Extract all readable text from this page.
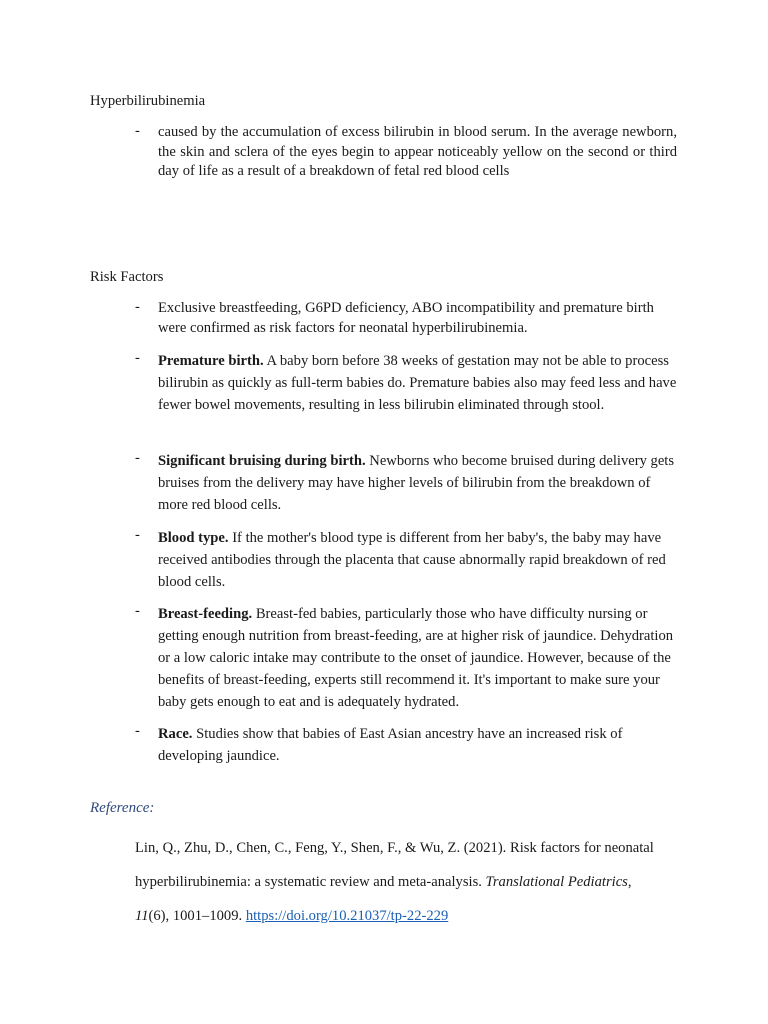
Hyperbilirubinemia

- caused by the accumulation of excess bilirubin in blood serum. In the average newborn, the skin and sclera of the eyes begin to appear noticeably yellow on the second or third day of life as a result of a breakdown of fetal red blood cells

Risk Factors

- Exclusive breastfeeding, G6PD deficiency, ABO incompatibility and premature birth were confirmed as risk factors for neonatal hyperbilirubinemia.
- Premature birth. A baby born before 38 weeks of gestation may not be able to process bilirubin as quickly as full-term babies do. Premature babies also may feed less and have fewer bowel movements, resulting in less bilirubin eliminated through stool.
- Significant bruising during birth. Newborns who become bruised during delivery gets bruises from the delivery may have higher levels of bilirubin from the breakdown of more red blood cells.
- Blood type. If the mother's blood type is different from her baby's, the baby may have received antibodies through the placenta that cause abnormally rapid breakdown of red blood cells.
- Breast-feeding. Breast-fed babies, particularly those who have difficulty nursing or getting enough nutrition from breast-feeding, are at higher risk of jaundice. Dehydration or a low caloric intake may contribute to the onset of jaundice. However, because of the benefits of breast-feeding, experts still recommend it. It's important to make sure your baby gets enough to eat and is adequately hydrated.
- Race. Studies show that babies of East Asian ancestry have an increased risk of developing jaundice.
Reference:
Lin, Q., Zhu, D., Chen, C., Feng, Y., Shen, F., & Wu, Z. (2021). Risk factors for neonatal
hyperbilirubinemia: a systematic review and meta-analysis. Translational Pediatrics,
11(6), 1001–1009. https://doi.org/10.21037/tp-22-229
